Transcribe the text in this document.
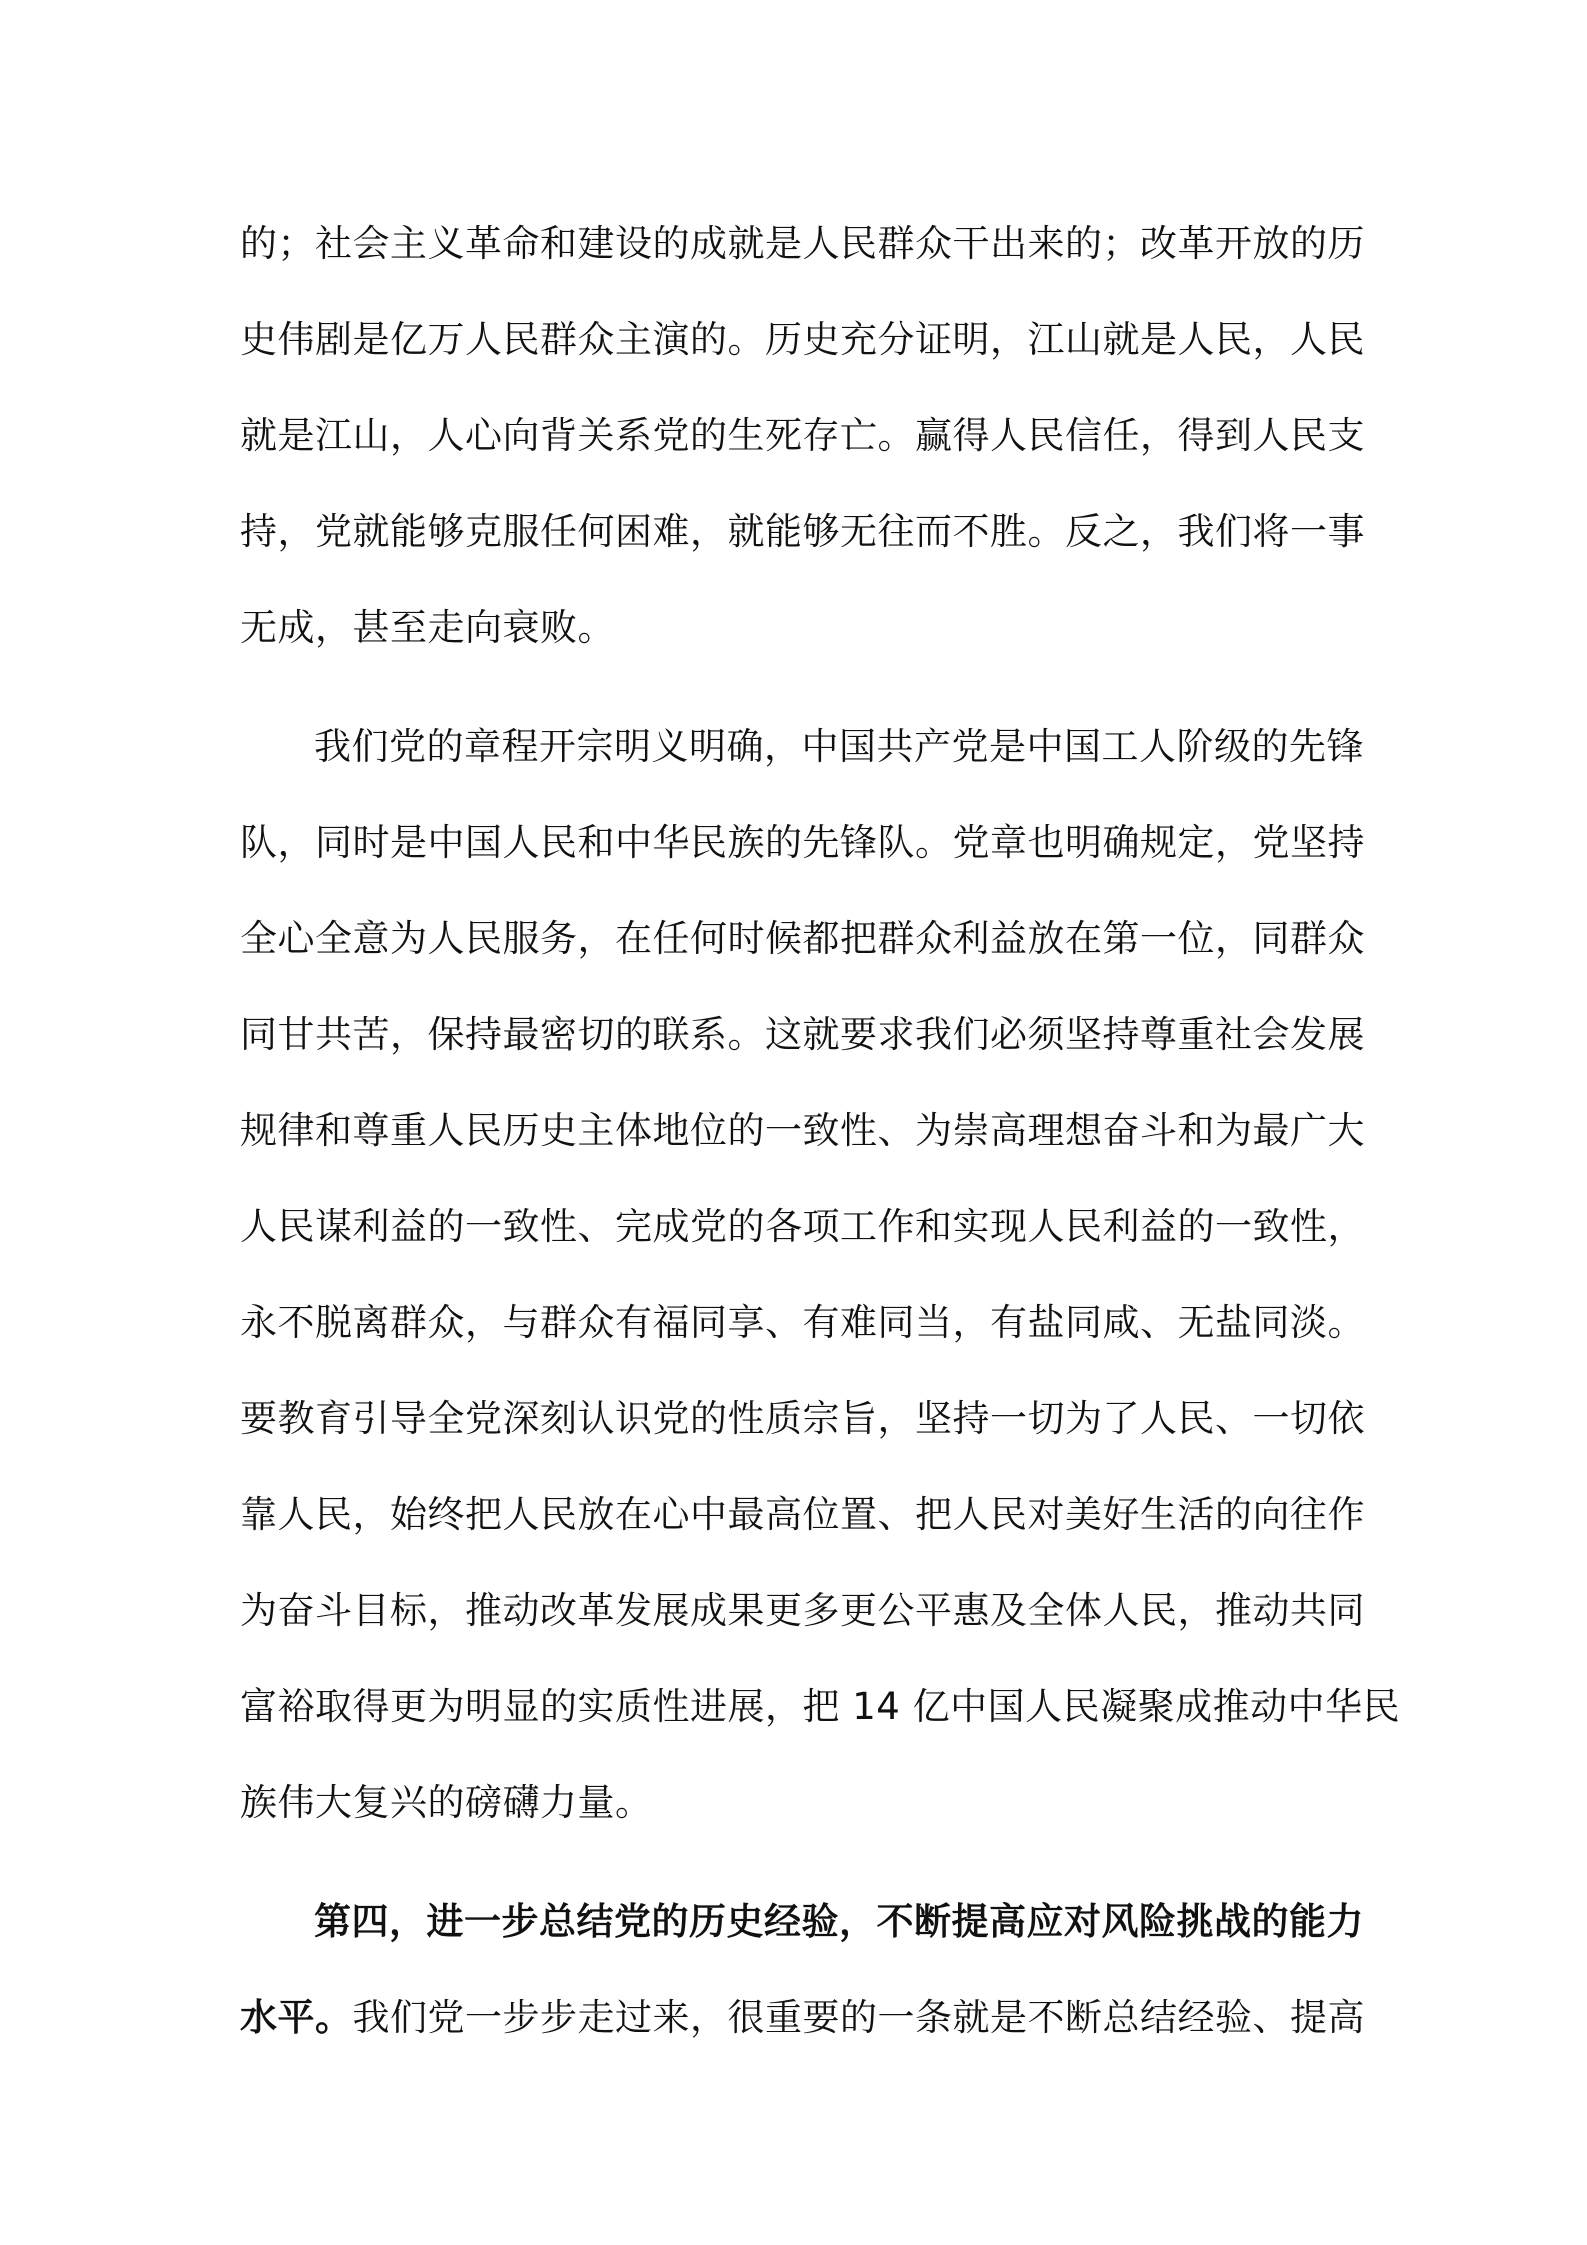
的；社会主义革命和建设的成就是人民群众干出来的；改革开放的历
史伟剧是亿万人民群众主演的。历史充分证明，江山就是人民，人民
就是江山，人心向背关系党的生死存亡。赢得人民信任，得到人民支
持，党就能够克服任何困难，就能够无往而不胜。反之，我们将一事
无成，甚至走向衰败。
我们党的章程开宗明义明确，中国共产党是中国工人阶级的先锋
队，同时是中国人民和中华民族的先锋队。党章也明确规定，党坚持
全心全意为人民服务，在任何时候都把群众利益放在第一位，同群众
同甘共苦，保持最密切的联系。这就要求我们必须坚持尊重社会发展
规律和尊重人民历史主体地位的一致性、为崇高理想奋斗和为最广大
人民谋利益的一致性、完成党的各项工作和实现人民利益的一致性，
永不脱离群众，与群众有福同享、有难同当，有盐同咸、无盐同淡。
要教育引导全党深刻认识党的性质宗旨，坚持一切为了人民、一切依
靠人民，始终把人民放在心中最高位置、把人民对美好生活的向往作
为奋斗目标，推动改革发展成果更多更公平惠及全体人民，推动共同
富裕取得更为明显的实质性进展，把 14 亿中国人民凝聚成推动中华民
族伟大复兴的磅礴力量。
第四，进一步总结党的历史经验，不断提高应对风险挑战的能力
水平。我们党一步步走过来，很重要的一条就是不断总结经验、提高
